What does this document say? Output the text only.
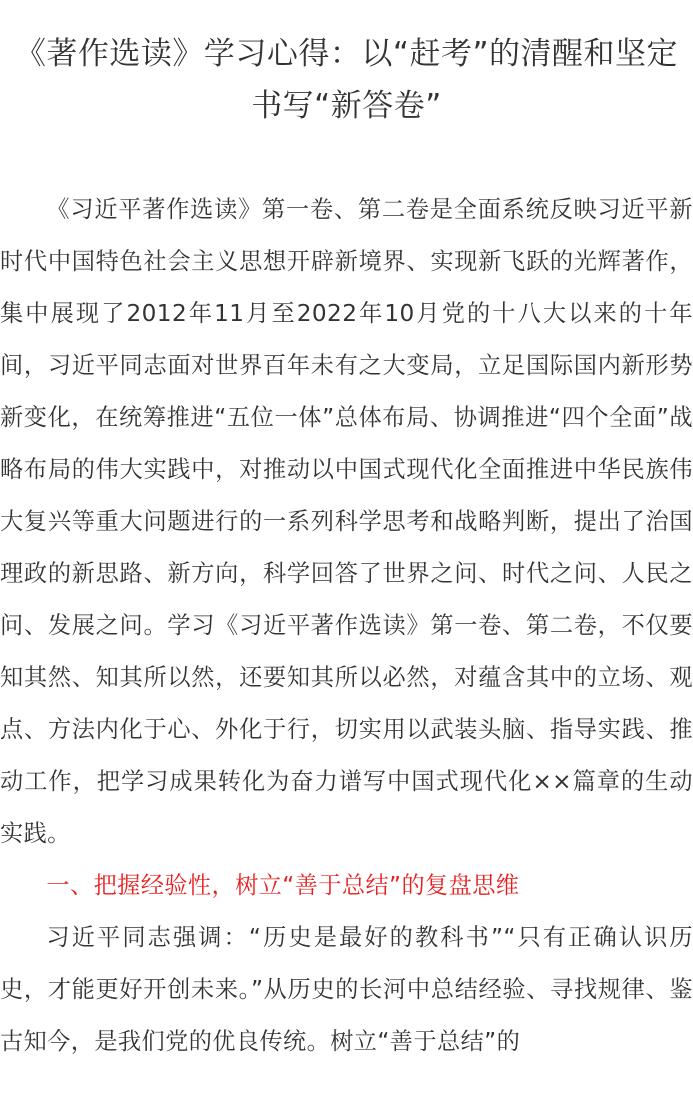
《著作选读》学习心得：以“赶考”的清醒和坚定书写“新答卷”

《习近平著作选读》第一卷、第二卷是全面系统反映习近平新时代中国特色社会主义思想开辟新境界、实现新飞跃的光辉著作，集中展现了2012年11月至2022年10月党的十八大以来的十年间，习近平同志面对世界百年未有之大变局，立足国际国内新形势新变化，在统筹推进“五位一体”总体布局、协调推进“四个全面”战略布局的伟大实践中，对推动以中国式现代化全面推进中华民族伟大复兴等重大问题进行的一系列科学思考和战略判断，提出了治国理政的新思路、新方向，科学回答了世界之问、时代之问、人民之问、发展之问。学习《习近平著作选读》第一卷、第二卷，不仅要知其然、知其所以然，还要知其所以必然，对蕴含其中的立场、观点、方法内化于心、外化于行，切实用以武装头脑、指导实践、推动工作，把学习成果转化为奋力谱写中国式现代化××篇章的生动实践。

一、把握经验性，树立“善于总结”的复盘思维

习近平同志强调：“历史是最好的教科书”“只有正确认识历史，才能更好开创未来。”从历史的长河中总结经验、寻找规律、鉴古知今，是我们党的优良传统。树立“善于总结”的
